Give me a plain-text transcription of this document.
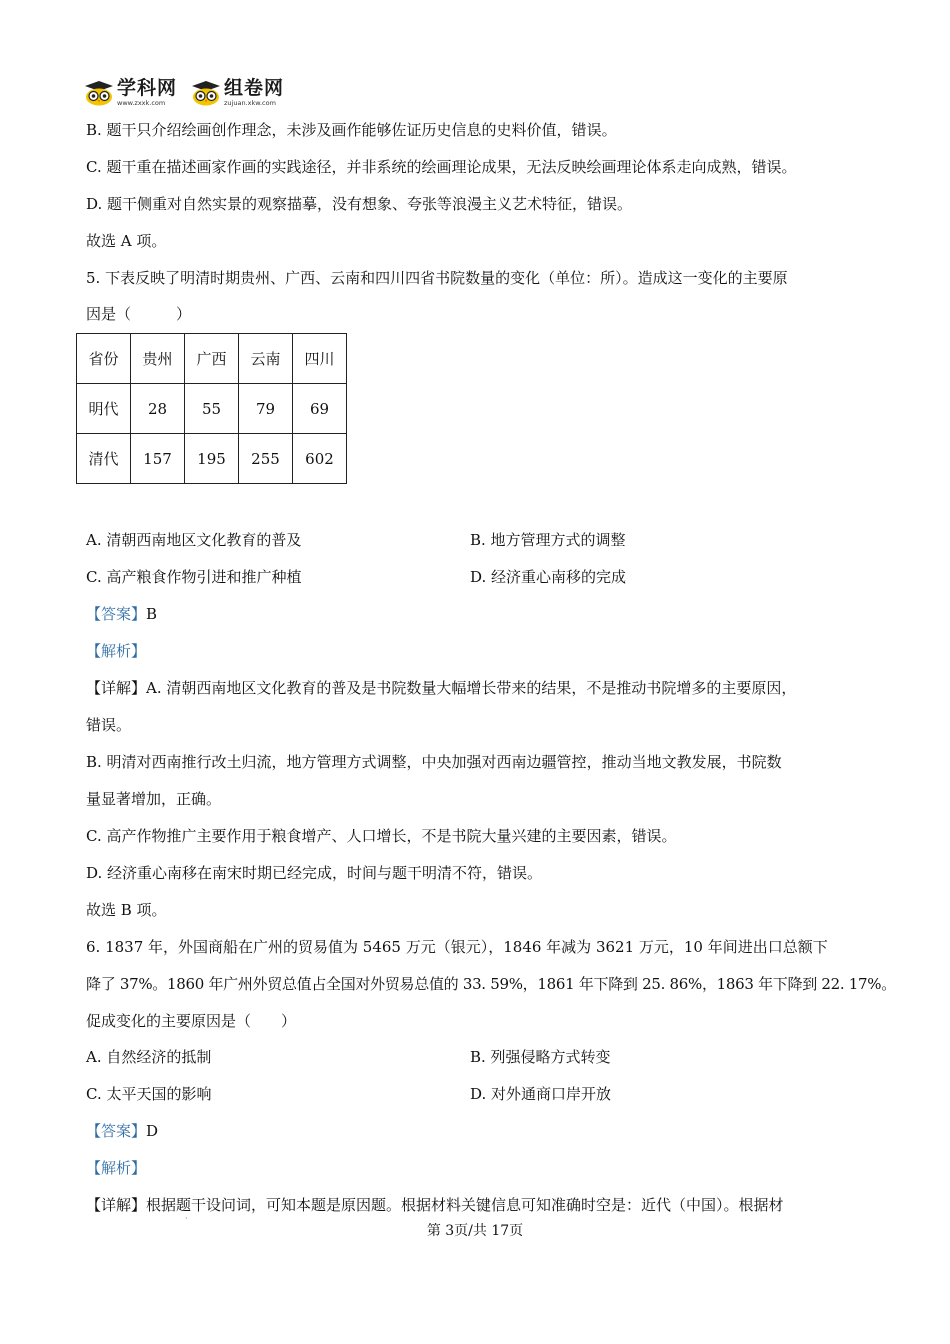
学科网
www.zxxk.com
组卷网
zujuan.xkw.com
B. 题干只介绍绘画创作理念，未涉及画作能够佐证历史信息的史料价值，错误。
C. 题干重在描述画家作画的实践途径，并非系统的绘画理论成果，无法反映绘画理论体系走向成熟，错误。
D. 题干侧重对自然实景的观察描摹，没有想象、夸张等浪漫主义艺术特征，错误。
故选 A 项。
5. 下表反映了明清时期贵州、广西、云南和四川四省书院数量的变化（单位：所）。造成这一变化的主要原
因是（　　　）
省份	贵州	广西	云南	四川
明代	28	55	79	69
清代	157	195	255	602
A. 清朝西南地区文化教育的普及	B. 地方管理方式的调整
C. 高产粮食作物引进和推广种植	D. 经济重心南移的完成
【答案】B
【解析】
【详解】A. 清朝西南地区文化教育的普及是书院数量大幅增长带来的结果，不是推动书院增多的主要原因，
错误。
B. 明清对西南推行改土归流，地方管理方式调整，中央加强对西南边疆管控，推动当地文教发展，书院数
量显著增加，正确。
C. 高产作物推广主要作用于粮食增产、人口增长，不是书院大量兴建的主要因素，错误。
D. 经济重心南移在南宋时期已经完成，时间与题干明清不符，错误。
故选 B 项。
6. 1837 年，外国商船在广州的贸易值为 5465 万元（银元），1846 年减为 3621 万元，10 年间进出口总额下
降了 37%。1860 年广州外贸总值占全国对外贸易总值的 33. 59%，1861 年下降到 25. 86%，1863 年下降到 22. 17%。
促成变化的主要原因是（　　）
A. 自然经济的抵制	B. 列强侵略方式转变
C. 太平天国的影响	D. 对外通商口岸开放
【答案】D
【解析】
【详解】根据题干设问词，可知本题是原因题。根据材料关键信息可知准确时空是：近代（中国）。根据材
·
第 3页/共 17页
